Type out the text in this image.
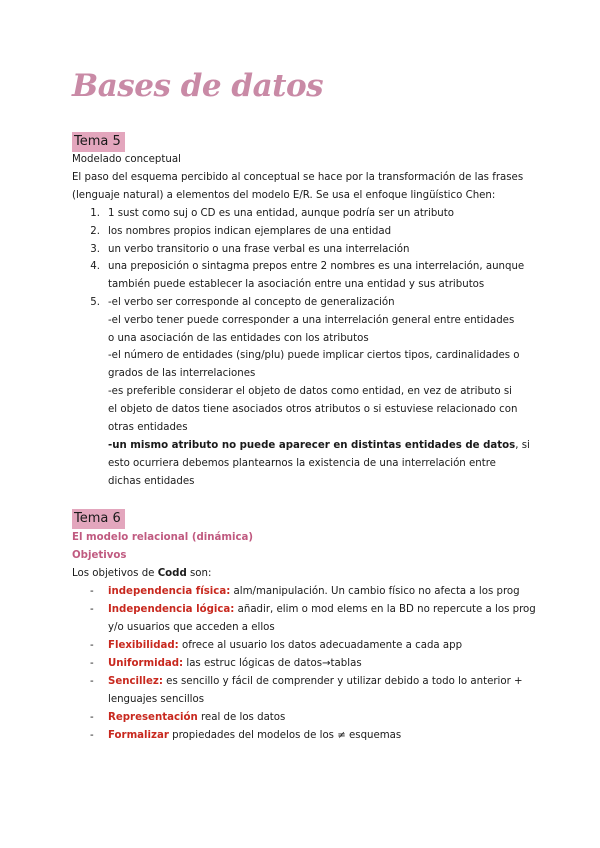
Bases de datos
Tema 5
Modelado conceptual
El paso del esquema percibido al conceptual se hace por la transformación de las frases
(lenguaje natural) a elementos del modelo E/R. Se usa el enfoque lingüístico Chen:
1. 1 sust como suj o CD es una entidad, aunque podría ser un atributo
2. los nombres propios indican ejemplares de una entidad
3. un verbo transitorio o una frase verbal es una interrelación
4. una preposición o sintagma prepos entre 2 nombres es una interrelación, aunque
también puede establecer la asociación entre una entidad y sus atributos
5. -el verbo ser corresponde al concepto de generalización
-el verbo tener puede corresponder a una interrelación general entre entidades
o una asociación de las entidades con los atributos
-el número de entidades (sing/plu) puede implicar ciertos tipos, cardinalidades o
grados de las interrelaciones
-es preferible considerar el objeto de datos como entidad, en vez de atributo si
el objeto de datos tiene asociados otros atributos o si estuviese relacionado con
otras entidades
-un mismo atributo no puede aparecer en distintas entidades de datos, si
esto ocurriera debemos plantearnos la existencia de una interrelación entre
dichas entidades
Tema 6
El modelo relacional (dinámica)
Objetivos
Los objetivos de Codd son:
- independencia física: alm/manipulación. Un cambio físico no afecta a los prog
- Independencia lógica: añadir, elim o mod elems en la BD no repercute a los prog
y/o usuarios que acceden a ellos
- Flexibilidad: ofrece al usuario los datos adecuadamente a cada app
- Uniformidad: las estruc lógicas de datos→tablas
- Sencillez: es sencillo y fácil de comprender y utilizar debido a todo lo anterior +
lenguajes sencillos
- Representación real de los datos
- Formalizar propiedades del modelos de los ≠ esquemas
